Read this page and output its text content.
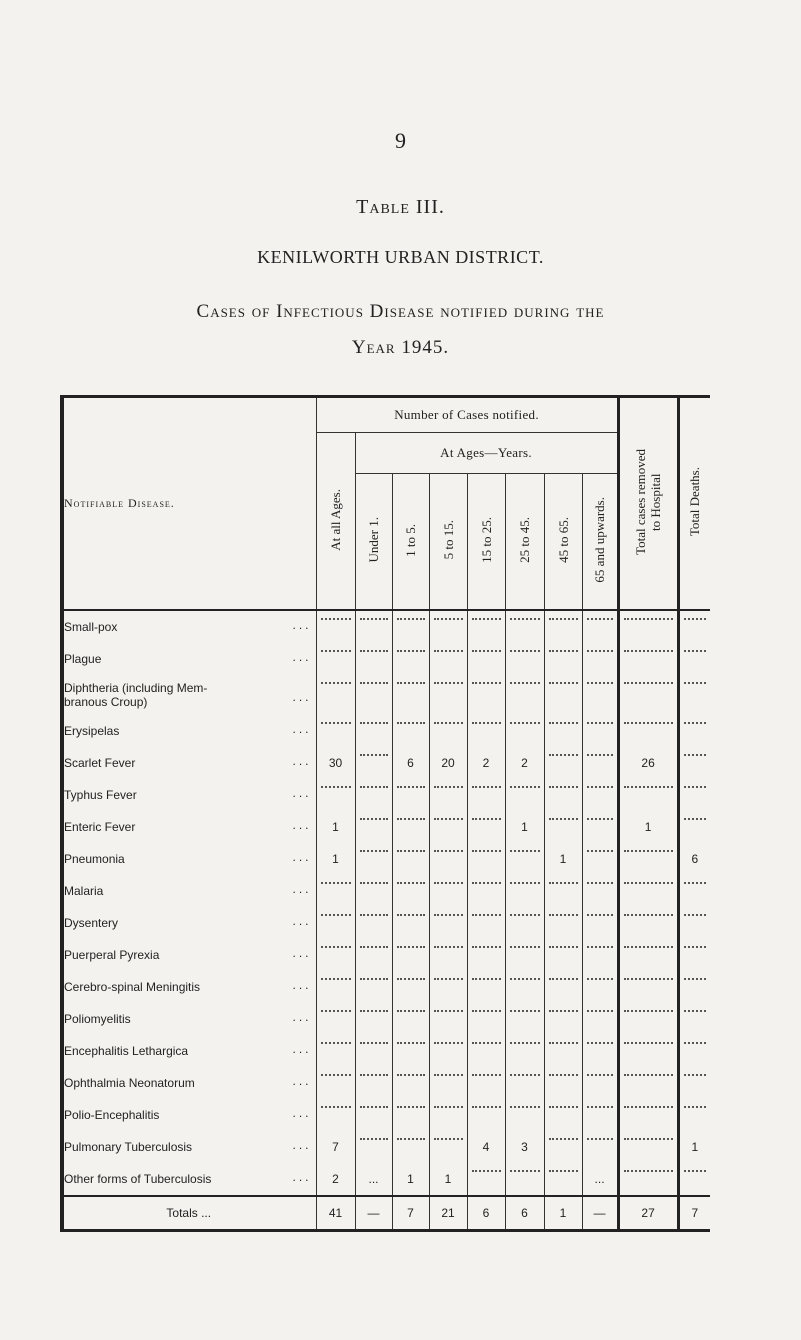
9
Table III.
KENILWORTH URBAN DISTRICT.
Cases of Infectious Disease notified during the
Year 1945.
Notifiable Disease.	Number of Cases notified.								Total cases removed
to Hospital	Total Deaths.
	At all Ages.	At Ages—Years.								
		Under 1.	1 to 5.	5 to 15.	15 to 25.	25 to 45.	45 to 65.	65 and upwards.		
Small-pox ...										

Plague ...										

Diphtheria (including Mem-
branous Croup) ...										

Erysipelas ...										

Scarlet Fever ...	30		6	20	2	2			26	

Typhus Fever ...										

Enteric Fever ...	1					1			1	

Pneumonia ...	1						1			6
Malaria ...										

Dysentery ...										

Puerperal Pyrexia ...										

Cerebro-spinal Meningitis ...										

Poliomyelitis ...										

Encephalitis Lethargica ...										

Ophthalmia Neonatorum ...										

Polio-Encephalitis ...										

Pulmonary Tuberculosis ...	7				4	3				1
Other forms of Tuberculosis ...	2	...	1	1				...	

Totals ...	41	—	7	21	6	6	1	—	27	7
